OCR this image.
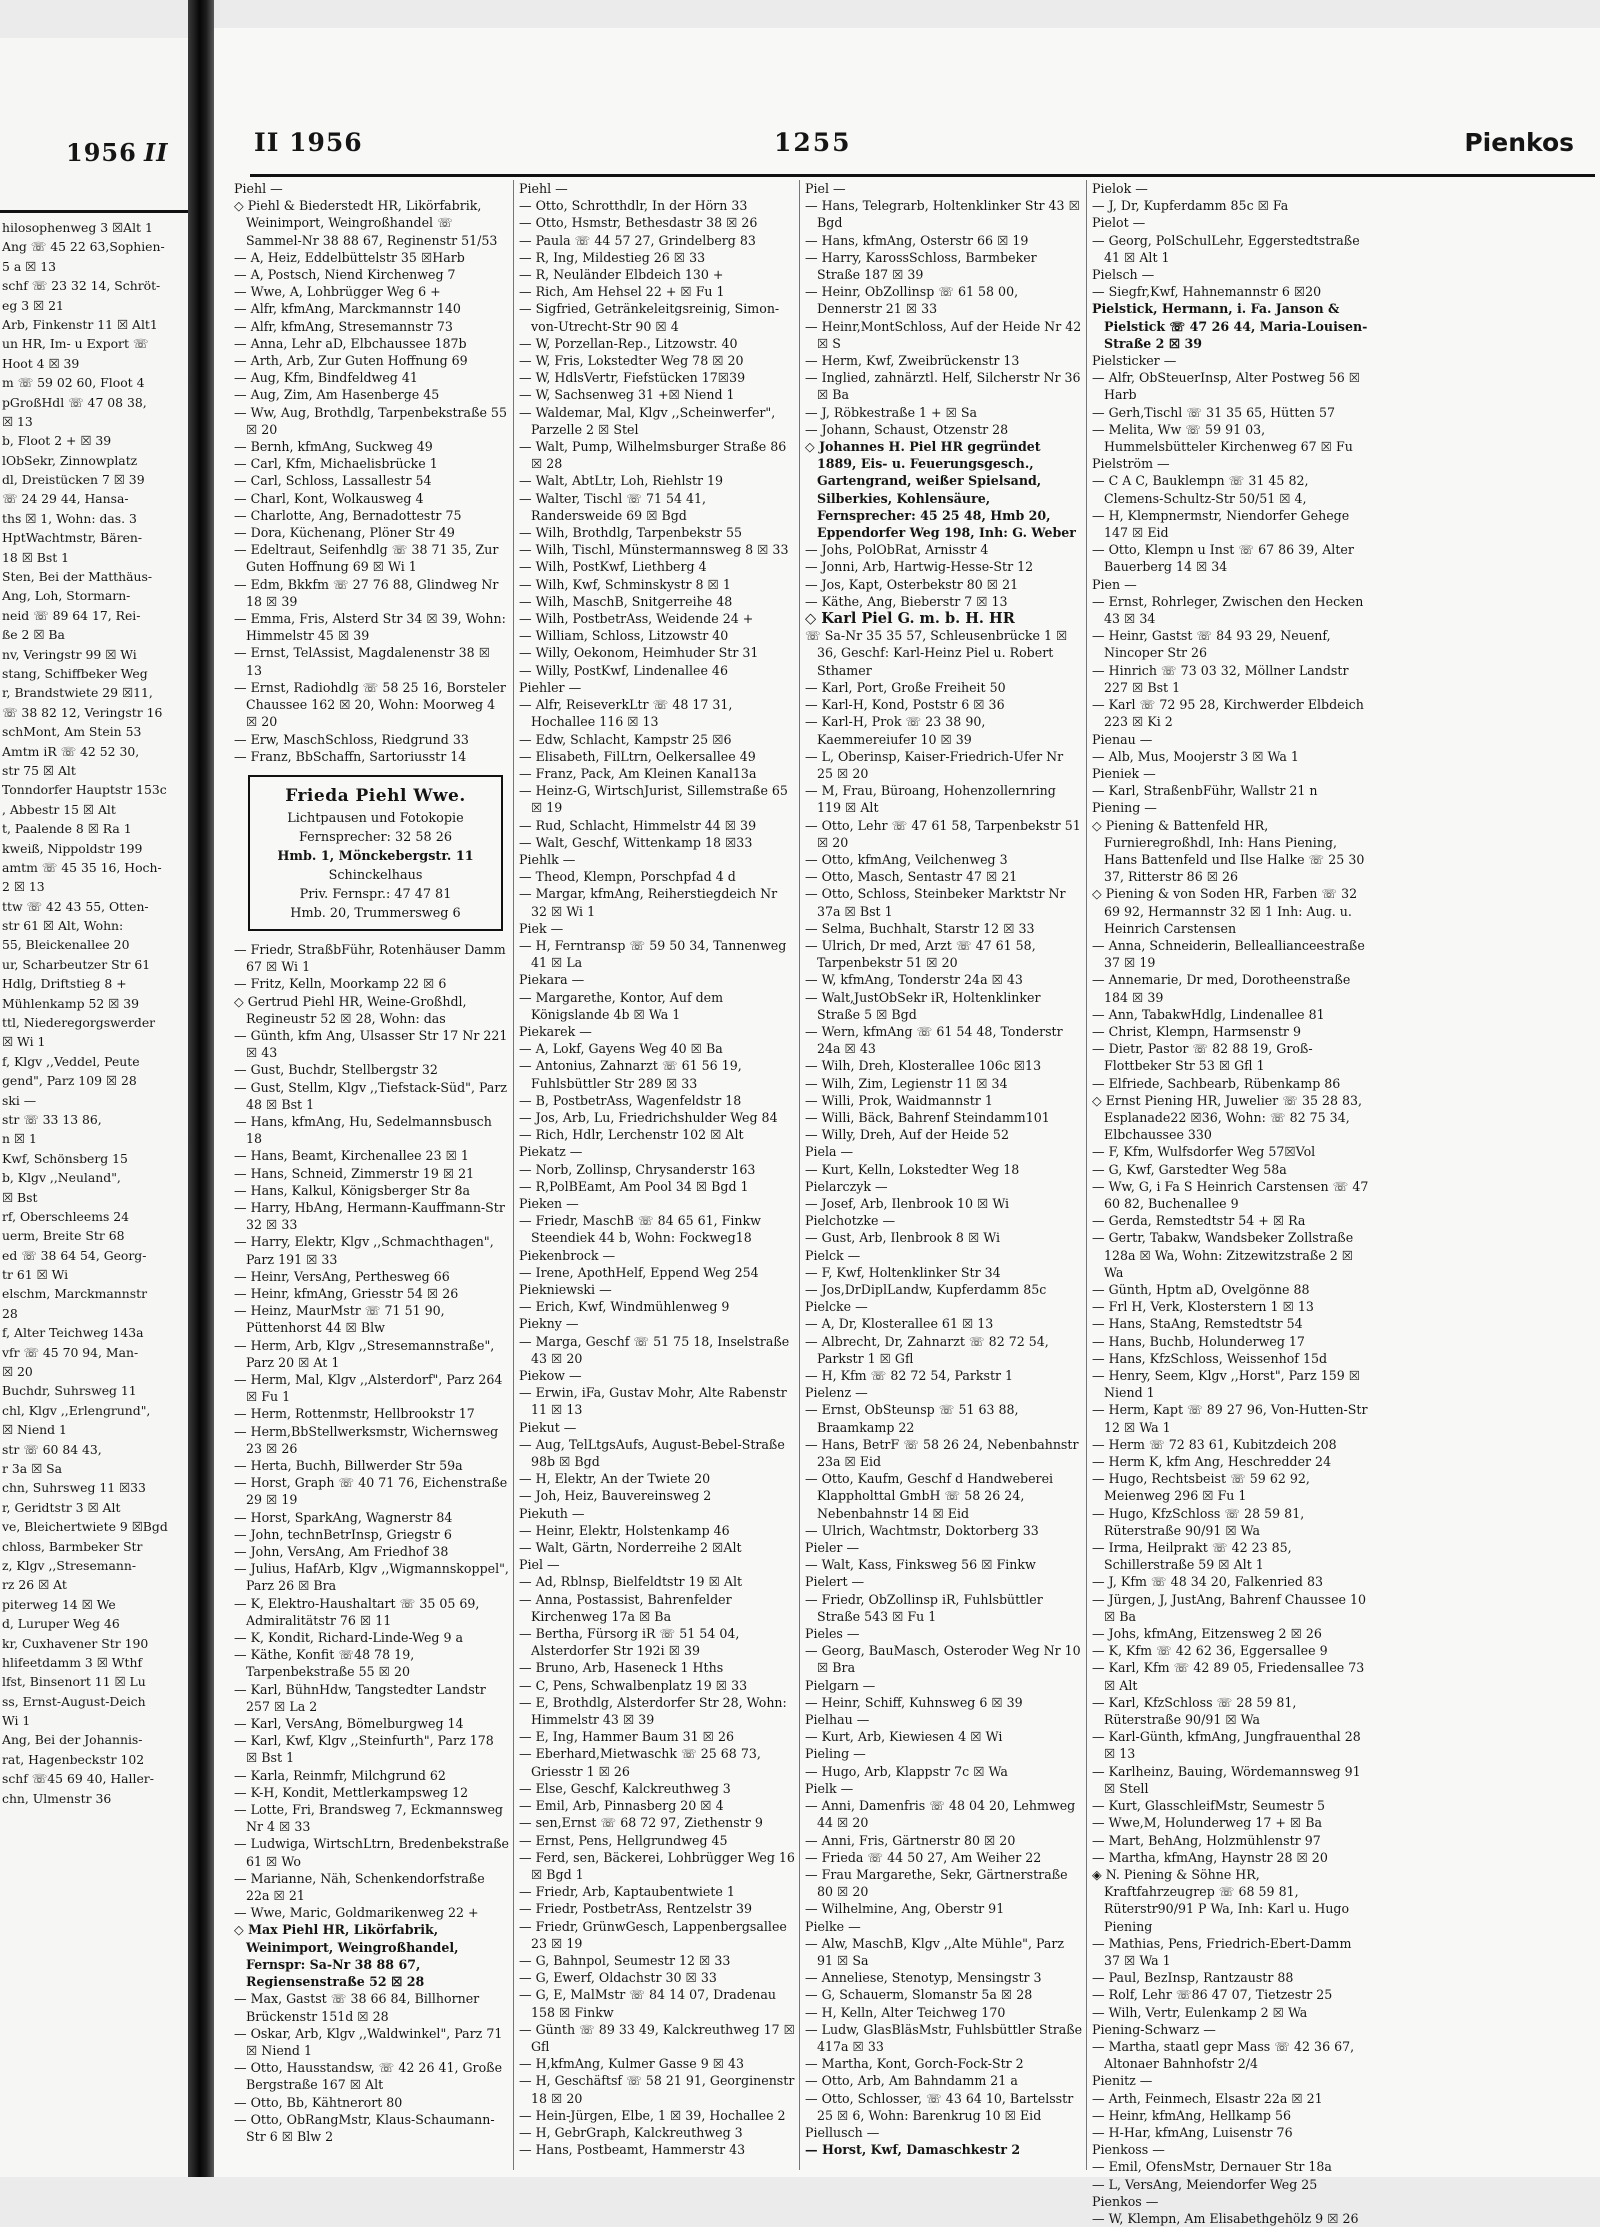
1956 II
hilosophenweg 3 ☒Alt 1
Ang ☏ 45 22 63,Sophien-
5 a ☒ 13
schf ☏ 23 32 14, Schröt-
eg 3 ☒ 21
Arb, Finkenstr 11 ☒ Alt1
un HR, Im- u Export ☏
Hoot 4 ☒ 39
m ☏ 59 02 60, Floot 4
pGroßHdl ☏ 47 08 38,
☒ 13
b, Floot 2 + ☒ 39
lObSekr, Zinnowplatz
dl, Dreistücken 7 ☒ 39
☏ 24 29 44, Hansa-
ths ☒ 1, Wohn: das. 3
HptWachtmstr, Bären-
18 ☒ Bst 1
Sten, Bei der Matthäus-
Ang, Loh, Stormarn-
neid ☏ 89 64 17, Rei-
ße 2 ☒ Ba
nv, Veringstr 99 ☒ Wi
stang, Schiffbeker Weg
r, Brandstwiete 29 ☒11,
☏ 38 82 12, Veringstr 16
schMont, Am Stein 53
Amtm iR ☏ 42 52 30,
str 75 ☒ Alt
Tonndorfer Hauptstr 153c
, Abbestr 15 ☒ Alt
t, Paalende 8 ☒ Ra 1
kweiß, Nippoldstr 199
amtm ☏ 45 35 16, Hoch-
2 ☒ 13
ttw ☏ 42 43 55, Otten-
str 61 ☒ Alt, Wohn:
55, Bleickenallee 20
ur, Scharbeutzer Str 61
Hdlg, Driftstieg 8 +
Mühlenkamp 52 ☒ 39
ttl, Niederegorgswerder
☒ Wi 1
f, Klgv ,,Veddel, Peute
gend", Parz 109 ☒ 28
ski —
str ☏ 33 13 86,
n ☒ 1
Kwf, Schönsberg 15
b, Klgv ,,Neuland",
☒ Bst
rf, Oberschleems 24
uerm, Breite Str 68
ed ☏ 38 64 54, Georg-
tr 61 ☒ Wi
elschm, Marckmannstr
28
f, Alter Teichweg 143a
vfr ☏ 45 70 94, Man-
☒ 20
Buchdr, Suhrsweg 11
chl, Klgv ,,Erlengrund",
☒ Niend 1
str ☏ 60 84 43,
r 3a ☒ Sa
chn, Suhrsweg 11 ☒33
r, Geridtstr 3 ☒ Alt
ve, Bleichertwiete 9 ☒Bgd
chloss, Barmbeker Str
z, Klgv ,,Stresemann-
rz 26 ☒ At
piterweg 14 ☒ We
d, Luruper Weg 46
kr, Cuxhavener Str 190
hlifeetdamm 3 ☒ Wthf
lfst, Binsenort 11 ☒ Lu
ss, Ernst-August-Deich
Wi 1
Ang, Bei der Johannis-
rat, Hagenbeckstr 102
schf ☏45 69 40, Haller-
chn, Ulmenstr 36
II 1956	1255	Pienkos

Piehl —

◇ Piehl & Biederstedt HR, Likörfabrik, Weinimport, Weingroßhandel ☏ Sammel-Nr 38 88 67, Reginenstr 51/53

— A, Heiz, Eddelbüttelstr 35 ☒Harb

— A, Postsch, Niend Kirchenweg 7

— Wwe, A, Lohbrügger Weg 6 +

— Alfr, kfmAng, Marckmannstr 140

— Alfr, kfmAng, Stresemannstr 73

— Anna, Lehr aD, Elbchaussee 187b

— Arth, Arb, Zur Guten Hoffnung 69

— Aug, Kfm, Bindfeldweg 41

— Aug, Zim, Am Hasenberge 45

— Ww, Aug, Brothdlg, Tarpenbekstraße 55 ☒ 20

— Bernh, kfmAng, Suckweg 49

— Carl, Kfm, Michaelisbrücke 1

— Carl, Schloss, Lassallestr 54

— Charl, Kont, Wolkausweg 4

— Charlotte, Ang, Bernadottestr 75

— Dora, Küchenang, Plöner Str 49

— Edeltraut, Seifenhdlg ☏ 38 71 35, Zur Guten Hoffnung 69 ☒ Wi 1

— Edm, Bkkfm ☏ 27 76 88, Glindweg Nr 18 ☒ 39

— Emma, Fris, Alsterd Str 34 ☒ 39, Wohn: Himmelstr 45 ☒ 39

— Ernst, TelAssist, Magdalenenstr 38 ☒ 13

— Ernst, Radiohdlg ☏ 58 25 16, Borsteler Chaussee 162 ☒ 20, Wohn: Moorweg 4 ☒ 20

— Erw, MaschSchloss, Riedgrund 33

— Franz, BbSchaffn, Sartoriusstr 14

Frieda Piehl Wwe.
Lichtpausen und Fotokopie
Fernsprecher: 32 58 26
Hmb. 1, Mönckebergstr. 11
Schinckelhaus
Priv. Fernspr.: 47 47 81
Hmb. 20, Trummersweg 6

— Friedr, StraßbFühr, Rotenhäuser Damm 67 ☒ Wi 1

— Fritz, Kelln, Moorkamp 22 ☒ 6

◇ Gertrud Piehl HR, Weine-Großhdl, Regineustr 52 ☒ 28, Wohn: das

— Günth, kfm Ang, Ulsasser Str 17 Nr 221 ☒ 43

— Gust, Buchdr, Stellbergstr 32

— Gust, Stellm, Klgv ,,Tiefstack-Süd", Parz 48 ☒ Bst 1

— Hans, kfmAng, Hu, Sedelmannsbusch 18

— Hans, Beamt, Kirchenallee 23 ☒ 1

— Hans, Schneid, Zimmerstr 19 ☒ 21

— Hans, Kalkul, Königsberger Str 8a

— Harry, HbAng, Hermann-Kauffmann-Str 32 ☒ 33

— Harry, Elektr, Klgv ,,Schmachthagen", Parz 191 ☒ 33

— Heinr, VersAng, Perthesweg 66

— Heinr, kfmAng, Griesstr 54 ☒ 26

— Heinz, MaurMstr ☏ 71 51 90, Püttenhorst 44 ☒ Blw

— Herm, Arb, Klgv ,,Stresemannstraße", Parz 20 ☒ At 1

— Herm, Mal, Klgv ,,Alsterdorf", Parz 264 ☒ Fu 1

— Herm, Rottenmstr, Hellbrookstr 17

— Herm,BbStellwerksmstr, Wichernsweg 23 ☒ 26

— Herta, Buchh, Billwerder Str 59a

— Horst, Graph ☏ 40 71 76, Eichenstraße 29 ☒ 19

— Horst, SparkAng, Wagnerstr 84

— John, technBetrInsp, Griegstr 6

— John, VersAng, Am Friedhof 38

— Julius, HafArb, Klgv ,,Wigmannskoppel", Parz 26 ☒ Bra

— K, Elektro-Haushaltart ☏ 35 05 69, Admiralitätstr 76 ☒ 11

— K, Kondit, Richard-Linde-Weg 9 a

— Käthe, Konfit ☏48 78 19, Tarpenbekstraße 55 ☒ 20

— Karl, BühnHdw, Tangstedter Landstr 257 ☒ La 2

— Karl, VersAng, Bömelburgweg 14

— Karl, Kwf, Klgv ,,Steinfurth", Parz 178 ☒ Bst 1

— Karla, Reinmfr, Milchgrund 62

— K-H, Kondit, Mettlerkampsweg 12

— Lotte, Fri, Brandsweg 7, Eckmannsweg Nr 4 ☒ 33

— Ludwiga, WirtschLtrn, Bredenbekstraße 61 ☒ Wo

— Marianne, Näh, Schenkendorfstraße 22a ☒ 21

— Wwe, Maric, Goldmarikenweg 22 +

◇ Max Piehl HR, Likörfabrik, Weinimport, Weingroßhandel, Fernspr: Sa-Nr 38 88 67, Regiensenstraße 52 ☒ 28

— Max, Gastst ☏ 38 66 84, Billhorner Brückenstr 151d ☒ 28

— Oskar, Arb, Klgv ,,Waldwinkel", Parz 71 ☒ Niend 1

— Otto, Hausstandsw, ☏ 42 26 41, Große Bergstraße 167 ☒ Alt

— Otto, Bb, Kähtnerort 80

— Otto, ObRangMstr, Klaus-Schaumann-Str 6 ☒ Blw 2

Piehl —

— Otto, Schrotthdlr, In der Hörn 33

— Otto, Hsmstr, Bethesdastr 38 ☒ 26

— Paula ☏ 44 57 27, Grindelberg 83

— R, Ing, Mildestieg 26 ☒ 33

— R, Neuländer Elbdeich 130 +

— Rich, Am Hehsel 22 + ☒ Fu 1

— Sigfried, Getränkeleitgsreinig, Simon-von-Utrecht-Str 90 ☒ 4

— W, Porzellan-Rep., Litzowstr. 40

— W, Fris, Lokstedter Weg 78 ☒ 20

— W, HdlsVertr, Fiefstücken 17☒39

— W, Sachsenweg 31 +☒ Niend 1

— Waldemar, Mal, Klgv ,,Scheinwerfer", Parzelle 2 ☒ Stel

— Walt, Pump, Wilhelmsburger Straße 86 ☒ 28

— Walt, AbtLtr, Loh, Riehlstr 19

— Walter, Tischl ☏ 71 54 41, Randersweide 69 ☒ Bgd

— Wilh, Brothdlg, Tarpenbekstr 55

— Wilh, Tischl, Münstermannsweg 8 ☒ 33

— Wilh, PostKwf, Liethberg 4

— Wilh, Kwf, Schminskystr 8 ☒ 1

— Wilh, MaschB, Snitgerreihe 48

— Wilh, PostbetrAss, Weidende 24 +

— William, Schloss, Litzowstr 40

— Willy, Oekonom, Heimhuder Str 31

— Willy, PostKwf, Lindenallee 46

Piehler —

— Alfr, ReiseverkLtr ☏ 48 17 31, Hochallee 116 ☒ 13

— Edw, Schlacht, Kampstr 25 ☒6

— Elisabeth, FilLtrn, Oelkersallee 49

— Franz, Pack, Am Kleinen Kanal13a

— Heinz-G, WirtschJurist, Sillemstraße 65 ☒ 19

— Rud, Schlacht, Himmelstr 44 ☒ 39

— Walt, Geschf, Wittenkamp 18 ☒33

Piehlk —

— Theod, Klempn, Porschpfad 4 d

— Margar, kfmAng, Reiherstiegdeich Nr 32 ☒ Wi 1

Piek —

— H, Ferntransp ☏ 59 50 34, Tannenweg 41 ☒ La

Piekara —

— Margarethe, Kontor, Auf dem Königslande 4b ☒ Wa 1

Piekarek —

— A, Lokf, Gayens Weg 40 ☒ Ba

— Antonius, Zahnarzt ☏ 61 56 19, Fuhlsbüttler Str 289 ☒ 33

— B, PostbetrAss, Wagenfeldstr 18

— Jos, Arb, Lu, Friedrichshulder Weg 84

— Rich, Hdlr, Lerchenstr 102 ☒ Alt

Piekatz —

— Norb, Zollinsp, Chrysanderstr 163

— R,PolBEamt, Am Pool 34 ☒ Bgd 1

Pieken —

— Friedr, MaschB ☏ 84 65 61, Finkw Steendiek 44 b, Wohn: Fockweg18

Piekenbrock —

— Irene, ApothHelf, Eppend Weg 254

Piekniewski —

— Erich, Kwf, Windmühlenweg 9

Piekny —

— Marga, Geschf ☏ 51 75 18, Inselstraße 43 ☒ 20

Piekow —

— Erwin, iFa, Gustav Mohr, Alte Rabenstr 11 ☒ 13

Piekut —

— Aug, TelLtgsAufs, August-Bebel-Straße 98b ☒ Bgd

— H, Elektr, An der Twiete 20

— Joh, Heiz, Bauvereinsweg 2

Piekuth —

— Heinr, Elektr, Holstenkamp 46

— Walt, Gärtn, Norderreihe 2 ☒Alt

Piel —

— Ad, Rblnsp, Bielfeldtstr 19 ☒ Alt

— Anna, Postassist, Bahrenfelder Kirchenweg 17a ☒ Ba

— Bertha, Fürsorg iR ☏ 51 54 04, Alsterdorfer Str 192i ☒ 39

— Bruno, Arb, Haseneck 1 Hths

— C, Pens, Schwalbenplatz 19 ☒ 33

— E, Brothdlg, Alsterdorfer Str 28, Wohn: Himmelstr 43 ☒ 39

— E, Ing, Hammer Baum 31 ☒ 26

— Eberhard,Mietwaschk ☏ 25 68 73, Griesstr 1 ☒ 26

— Else, Geschf, Kalckreuthweg 3

— Emil, Arb, Pinnasberg 20 ☒ 4

— sen,Ernst ☏ 68 72 97, Ziethenstr 9

— Ernst, Pens, Hellgrundweg 45

— Ferd, sen, Bäckerei, Lohbrügger Weg 16 ☒ Bgd 1

— Friedr, Arb, Kaptaubentwiete 1

— Friedr, PostbetrAss, Rentzelstr 39

— Friedr, GrünwGesch, Lappenbergsallee 23 ☒ 19

— G, Bahnpol, Seumestr 12 ☒ 33

— G, Ewerf, Oldachstr 30 ☒ 33

— G, E, MalMstr ☏ 84 14 07, Dradenau 158 ☒ Finkw

— Günth ☏ 89 33 49, Kalckreuthweg 17 ☒ Gfl

— H,kfmAng, Kulmer Gasse 9 ☒ 43

— H, Geschäftsf ☏ 58 21 91, Georginenstr 18 ☒ 20

— Hein-Jürgen, Elbe, 1 ☒ 39, Hochallee 2

— H, GebrGraph, Kalckreuthweg 3

— Hans, Postbeamt, Hammerstr 43

Piel —

— Hans, Telegrarb, Holtenklinker Str 43 ☒ Bgd

— Hans, kfmAng, Osterstr 66 ☒ 19

— Harry, KarossSchloss, Barmbeker Straße 187 ☒ 39

— Heinr, ObZollinsp ☏ 61 58 00, Dennerstr 21 ☒ 33

— Heinr,MontSchloss, Auf der Heide Nr 42 ☒ S

— Herm, Kwf, Zweibrückenstr 13

— Inglied, zahnärztl. Helf, Silcherstr Nr 36 ☒ Ba

— J, Röbkestraße 1 + ☒ Sa

— Johann, Schaust, Otzenstr 28

◇ Johannes H. Piel HR gegründet 1889, Eis- u. Feuerungsgesch., Gartengrand, weißer Spielsand, Silberkies, Kohlensäure, Fernsprecher: 45 25 48, Hmb 20, Eppendorfer Weg 198, Inh: G. Weber

— Johs, PolObRat, Arnisstr 4

— Jonni, Arb, Hartwig-Hesse-Str 12

— Jos, Kapt, Osterbekstr 80 ☒ 21

— Käthe, Ang, Bieberstr 7 ☒ 13

◇ Karl Piel G. m. b. H. HR

☏ Sa-Nr 35 35 57, Schleusenbrücke 1 ☒ 36, Geschf: Karl-Heinz Piel u. Robert Sthamer

— Karl, Port, Große Freiheit 50

— Karl-H, Kond, Poststr 6 ☒ 36

— Karl-H, Prok ☏ 23 38 90, Kaemmereiufer 10 ☒ 39

— L, Oberinsp, Kaiser-Friedrich-Ufer Nr 25 ☒ 20

— M, Frau, Büroang, Hohenzollernring 119 ☒ Alt

— Otto, Lehr ☏ 47 61 58, Tarpenbekstr 51 ☒ 20

— Otto, kfmAng, Veilchenweg 3

— Otto, Masch, Sentastr 47 ☒ 21

— Otto, Schloss, Steinbeker Marktstr Nr 37a ☒ Bst 1

— Selma, Buchhalt, Starstr 12 ☒ 33

— Ulrich, Dr med, Arzt ☏ 47 61 58, Tarpenbekstr 51 ☒ 20

— W, kfmAng, Tonderstr 24a ☒ 43

— Walt,JustObSekr iR, Holtenklinker Straße 5 ☒ Bgd

— Wern, kfmAng ☏ 61 54 48, Tonderstr 24a ☒ 43

— Wilh, Dreh, Klosterallee 106c ☒13

— Wilh, Zim, Legienstr 11 ☒ 34

— Willi, Prok, Waidmannstr 1

— Willi, Bäck, Bahrenf Steindamm101

— Willy, Dreh, Auf der Heide 52

Piela —

— Kurt, Kelln, Lokstedter Weg 18

Pielarczyk —

— Josef, Arb, Ilenbrook 10 ☒ Wi

Pielchotzke —

— Gust, Arb, Ilenbrook 8 ☒ Wi

Pielck —

— F, Kwf, Holtenklinker Str 34

— Jos,DrDiplLandw, Kupferdamm 85c

Pielcke —

— A, Dr, Klosterallee 61 ☒ 13

— Albrecht, Dr, Zahnarzt ☏ 82 72 54, Parkstr 1 ☒ Gfl

— H, Kfm ☏ 82 72 54, Parkstr 1

Pielenz —

— Ernst, ObSteunsp ☏ 51 63 88, Braamkamp 22

— Hans, BetrF ☏ 58 26 24, Nebenbahnstr 23a ☒ Eid

— Otto, Kaufm, Geschf d Handweberei Klappholttal GmbH ☏ 58 26 24, Nebenbahnstr 14 ☒ Eid

— Ulrich, Wachtmstr, Doktorberg 33

Pieler —

— Walt, Kass, Finksweg 56 ☒ Finkw

Pielert —

— Friedr, ObZollinsp iR, Fuhlsbüttler Straße 543 ☒ Fu 1

Pieles —

— Georg, BauMasch, Osteroder Weg Nr 10 ☒ Bra

Pielgarn —

— Heinr, Schiff, Kuhnsweg 6 ☒ 39

Pielhau —

— Kurt, Arb, Kiewiesen 4 ☒ Wi

Pieling —

— Hugo, Arb, Klappstr 7c ☒ Wa

Pielk —

— Anni, Damenfris ☏ 48 04 20, Lehmweg 44 ☒ 20

— Anni, Fris, Gärtnerstr 80 ☒ 20

— Frieda ☏ 44 50 27, Am Weiher 22

— Frau Margarethe, Sekr, Gärtnerstraße 80 ☒ 20

— Wilhelmine, Ang, Oberstr 91

Pielke —

— Alw, MaschB, Klgv ,,Alte Mühle", Parz 91 ☒ Sa

— Anneliese, Stenotyp, Mensingstr 3

— G, Schauerm, Slomanstr 5a ☒ 28

— H, Kelln, Alter Teichweg 170

— Ludw, GlasBläsMstr, Fuhlsbüttler Straße 417a ☒ 33

— Martha, Kont, Gorch-Fock-Str 2

— Otto, Arb, Am Bahndamm 21 a

— Otto, Schlosser, ☏ 43 64 10, Bartelsstr 25 ☒ 6, Wohn: Barenkrug 10 ☒ Eid

Piellusch —

— Horst, Kwf, Damaschkestr 2

Pielok —

— J, Dr, Kupferdamm 85c ☒ Fa

Pielot —

— Georg, PolSchulLehr, Eggerstedtstraße 41 ☒ Alt 1

Pielsch —

— Siegfr,Kwf, Hahnemannstr 6 ☒20

Pielstick, Hermann, i. Fa. Janson & Pielstick ☏ 47 26 44, Maria-Louisen-Straße 2 ☒ 39

Pielsticker —

— Alfr, ObSteuerInsp, Alter Postweg 56 ☒ Harb

— Gerh,Tischl ☏ 31 35 65, Hütten 57

— Melita, Ww ☏ 59 91 03, Hummelsbütteler Kirchenweg 67 ☒ Fu

Pielström —

— C A C, Bauklempn ☏ 31 45 82, Clemens-Schultz-Str 50/51 ☒ 4,

— H, Klempnermstr, Niendorfer Gehege 147 ☒ Eid

— Otto, Klempn u Inst ☏ 67 86 39, Alter Bauerberg 14 ☒ 34

Pien —

— Ernst, Rohrleger, Zwischen den Hecken 43 ☒ 34

— Heinr, Gastst ☏ 84 93 29, Neuenf, Nincoper Str 26

— Hinrich ☏ 73 03 32, Möllner Landstr 227 ☒ Bst 1

— Karl ☏ 72 95 28, Kirchwerder Elbdeich 223 ☒ Ki 2

Pienau —

— Alb, Mus, Moojerstr 3 ☒ Wa 1

Pieniek —

— Karl, StraßenbFühr, Wallstr 21 n

Piening —

◇ Piening & Battenfeld HR, Furnieregroßhdl, Inh: Hans Piening, Hans Battenfeld und Ilse Halke ☏ 25 30 37, Ritterstr 86 ☒ 26

◇ Piening & von Soden HR, Farben ☏ 32 69 92, Hermannstr 32 ☒ 1 Inh: Aug. u. Heinrich Carstensen

— Anna, Schneiderin, Belleallianceestraße 37 ☒ 19

— Annemarie, Dr med, Dorotheenstraße 184 ☒ 39

— Ann, TabakwHdlg, Lindenallee 81

— Christ, Klempn, Harmsenstr 9

— Dietr, Pastor ☏ 82 88 19, Groß-Flottbeker Str 53 ☒ Gfl 1

— Elfriede, Sachbearb, Rübenkamp 86

◇ Ernst Piening HR, Juwelier ☏ 35 28 83, Esplanade22 ☒36, Wohn: ☏ 82 75 34, Elbchaussee 330

— F, Kfm, Wulfsdorfer Weg 57☒Vol

— G, Kwf, Garstedter Weg 58a

— Ww, G, i Fa S Heinrich Carstensen ☏ 47 60 82, Buchenallee 9

— Gerda, Remstedtstr 54 + ☒ Ra

— Gertr, Tabakw, Wandsbeker Zollstraße 128a ☒ Wa, Wohn: Zitzewitzstraße 2 ☒ Wa

— Günth, Hptm aD, Ovelgönne 88

— Frl H, Verk, Klosterstern 1 ☒ 13

— Hans, StaAng, Remstedtstr 54

— Hans, Buchb, Holunderweg 17

— Hans, KfzSchloss, Weissenhof 15d

— Henry, Seem, Klgv ,,Horst", Parz 159 ☒ Niend 1

— Herm, Kapt ☏ 89 27 96, Von-Hutten-Str 12 ☒ Wa 1

— Herm ☏ 72 83 61, Kubitzdeich 208

— Herm K, kfm Ang, Heschredder 24

— Hugo, Rechtsbeist ☏ 59 62 92, Meienweg 296 ☒ Fu 1

— Hugo, KfzSchloss ☏ 28 59 81, Rüterstraße 90/91 ☒ Wa

— Irma, Heilprakt ☏ 42 23 85, Schillerstraße 59 ☒ Alt 1

— J, Kfm ☏ 48 34 20, Falkenried 83

— Jürgen, J, JustAng, Bahrenf Chaussee 10 ☒ Ba

— Johs, kfmAng, Eitzensweg 2 ☒ 26

— K, Kfm ☏ 42 62 36, Eggersallee 9

— Karl, Kfm ☏ 42 89 05, Friedensallee 73 ☒ Alt

— Karl, KfzSchloss ☏ 28 59 81, Rüterstraße 90/91 ☒ Wa

— Karl-Günth, kfmAng, Jungfrauenthal 28 ☒ 13

— Karlheinz, Bauing, Wördemannsweg 91 ☒ Stell

— Kurt, GlasschleifMstr, Seumestr 5

— Wwe,M, Holunderweg 17 + ☒ Ba

— Mart, BehAng, Holzmühlenstr 97

— Martha, kfmAng, Haynstr 28 ☒ 20

◈ N. Piening & Söhne HR, Kraftfahrzeugrep ☏ 68 59 81, Rüterstr90/91 P Wa, Inh: Karl u. Hugo Piening

— Mathias, Pens, Friedrich-Ebert-Damm 37 ☒ Wa 1

— Paul, BezInsp, Rantzaustr 88

— Rolf, Lehr ☏86 47 07, Tietzestr 25

— Wilh, Vertr, Eulenkamp 2 ☒ Wa

Piening-Schwarz —

— Martha, staatl gepr Mass ☏ 42 36 67, Altonaer Bahnhofstr 2/4

Pienitz —

— Arth, Feinmech, Elsastr 22a ☒ 21

— Heinr, kfmAng, Hellkamp 56

— H-Har, kfmAng, Luisenstr 76

Pienkoss —

— Emil, OfensMstr, Dernauer Str 18a

— L, VersAng, Meiendorfer Weg 25

Pienkos —

— W, Klempn, Am Elisabethgehölz 9 ☒ 26
